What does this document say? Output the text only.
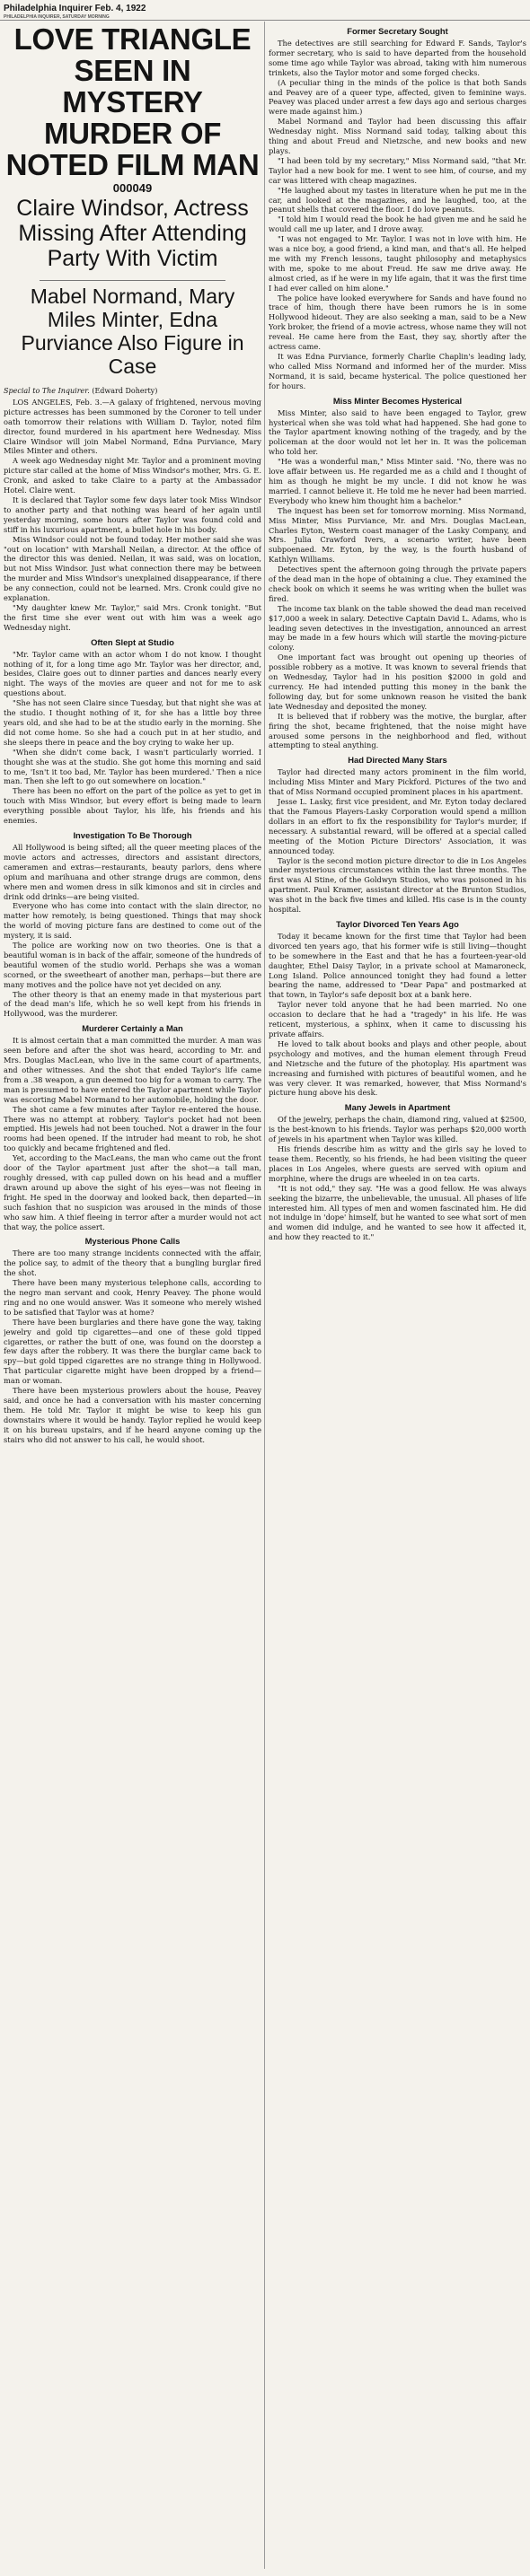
Philadelphia Inquirer Feb. 4, 1922
PHILADELPHIA INQUIRER, SATURDAY MORNING
LOVE TRIANGLE SEEN IN MYSTERY MURDER OF NOTED FILM MAN
000049
Claire Windsor, Actress Missing After Attending Party With Victim
Mabel Normand, Mary Miles Minter, Edna Purviance Also Figure in Case
Special to The Inquirer. (Edward Doherty)

LOS ANGELES, Feb. 3.—A galaxy of frightened, nervous moving picture actresses has been summoned by the Coroner to tell under oath tomorrow their relations with William D. Taylor, noted film director, found murdered in his apartment here Wednesday. Miss Claire Windsor will join Mabel Normand, Edna Purviance, Mary Miles Minter and others.

A week ago Wednesday night Mr. Taylor and a prominent moving picture star called at the home of Miss Windsor's mother, Mrs. G. E. Cronk, and asked to take Claire to a party at the Ambassador Hotel. Claire went.

It is declared that Taylor some few days later took Miss Windsor to another party and that nothing was heard of her again until yesterday morning, some hours after Taylor was found cold and stiff in his luxurious apartment, a bullet hole in his body.

Miss Windsor could not be found today. Her mother said she was "out on location" with Marshall Neilan, a director. At the office of the director this was denied. Neilan, it was said, was on location, but not Miss Windsor. Just what connection there may be between the murder and Miss Windsor's unexplained disappearance, if there be any connection, could not be learned. Mrs. Cronk could give no explanation.

"My daughter knew Mr. Taylor," said Mrs. Cronk tonight. "But the first time she ever went out with him was a week ago Wednesday night.

Often Slept at Studio

"Mr. Taylor came with an actor whom I do not know. I thought nothing of it, for a long time ago Mr. Taylor was her director, and, besides, Claire goes out to dinner parties and dances nearly every night. The ways of the movies are queer and not for me to ask questions about.

"She has not seen Claire since Tuesday, but that night she was at the studio. I thought nothing of it, for she has a little boy three years old, and she had to be at the studio early in the morning. She did not come home. So she had a couch put in at her studio, and she sleeps there in peace and the boy crying to wake her up.

"When she didn't come back, I wasn't particularly worried. I thought she was at the studio. She got home this morning and said to me, 'Isn't it too bad, Mr. Taylor has been murdered.' Then a nice man. Then she left to go out somewhere on location."

There has been no effort on the part of the police as yet to get in touch with Miss Windsor, but every effort is being made to learn everything possible about Taylor, his life, his friends and his enemies.

Investigation To Be Thorough

All Hollywood is being sifted; all the queer meeting places of the movie actors and actresses, directors and assistant directors, cameramen and extras—restaurants, beauty parlors, dens where opium and marihuana and other strange drugs are common, dens where men and women dress in silk kimonos and sit in circles and drink odd drinks—are being visited.

Everyone who has come into contact with the slain director, no matter how remotely, is being questioned. Things that may shock the world of moving picture fans are destined to come out of the mystery, it is said.

The police are working now on two theories. One is that a beautiful woman is in back of the affair, someone of the hundreds of beautiful women of the studio world. Perhaps she was a woman scorned, or the sweetheart of another man, perhaps—but there are many motives and the police have not yet decided on any.

The other theory is that an enemy made in that mysterious part of the dead man's life, which he so well kept from his friends in Hollywood, was the murderer.

Murderer Certainly a Man

It is almost certain that a man committed the murder. A man was seen before and after the shot was heard, according to Mr. and Mrs. Douglas MacLean, who live in the same court of apartments, and other witnesses. And the shot that ended Taylor's life came from a .38 weapon, a gun deemed too big for a woman to carry. The man is presumed to have entered the Taylor apartment while Taylor was escorting Mabel Normand to her automobile, holding the door.

The shot came a few minutes after Taylor re-entered the house. There was no attempt at robbery. Taylor's pocket had not been emptied. His jewels had not been touched. Not a drawer in the four rooms had been opened. If the intruder had meant to rob, he shot too quickly and became frightened and fled.

Yet, according to the MacLeans, the man who came out the front door of the Taylor apartment just after the shot—a tall man, roughly dressed, with cap pulled down on his head and a muffler drawn around up above the sight of his eyes—was not fleeing in fright. He sped in the doorway and looked back, then departed—in such fashion that no suspicion was aroused in the minds of those who saw him. A thief fleeing in terror after a murder would not act that way, the police assert.

Mysterious Phone Calls

There are too many strange incidents connected with the affair, the police say, to admit of the theory that a bungling burglar fired the shot.

There have been many mysterious telephone calls, according to the negro man servant and cook, Henry Peavey. The phone would ring and no one would answer. Was it someone who merely wished to be satisfied that Taylor was at home?

There have been burglaries and there have gone the way, taking jewelry and gold tip cigarettes—and one of these gold tipped cigarettes, or rather the butt of one, was found on the doorstep a few days after the robbery. It was there the burglar came back to spy—but gold tipped cigarettes are no strange thing in Hollywood. That particular cigarette might have been dropped by a friend—man or woman.

There have been mysterious prowlers about the house, Peavey said, and once he had a conversation with his master concerning them. He told Mr. Taylor it might be wise to keep his gun downstairs where it would be handy. Taylor replied he would keep it on his bureau upstairs, and if he heard anyone coming up the stairs who did not answer to his call, he would shoot.

Former Secretary Sought

The detectives are still searching for Edward F. Sands, Taylor's former secretary, who is said to have departed from the household some time ago while Taylor was abroad, taking with him numerous trinkets, also the Taylor motor and some forged checks.

(A peculiar thing in the minds of the police is that both Sands and Peavey are of a queer type, affected, given to feminine ways. Peavey was placed under arrest a few days ago and serious charges were made against him.)

Mabel Normand and Taylor had been discussing this affair Wednesday night. Miss Normand said today, talking about this thing and about Freud and Nietzsche, and new books and new plays.

"I had been told by my secretary," Miss Normand said, "that Mr. Taylor had a new book for me. I went to see him, of course, and my car was littered with cheap magazines.

"He laughed about my tastes in literature when he put me in the car, and looked at the magazines, and he laughed, too, at the peanut shells that covered the floor. I do love peanuts.

"I told him I would read the book he had given me and he said he would call me up later, and I drove away.

"I was not engaged to Mr. Taylor. I was not in love with him. He was a nice boy, a good friend, a kind man, and that's all. He helped me with my French lessons, taught philosophy and metaphysics with me, spoke to me about Freud. He saw me drive away. He almost cried, as if he were in my life again, that it was the first time I had ever called on him alone."

The police have looked everywhere for Sands and have found no trace of him, though there have been rumors he is in some Hollywood hideout. They are also seeking a man, said to be a New York broker, the friend of a movie actress, whose name they will not reveal. He came here from the East, they say, shortly after the actress came.

It was Edna Purviance, formerly Charlie Chaplin's leading lady, who called Miss Normand and informed her of the murder. Miss Normand, it is said, became hysterical. The police questioned her for hours.

Miss Minter Becomes Hysterical

Miss Minter, also said to have been engaged to Taylor, grew hysterical when she was told what had happened. She had gone to the Taylor apartment knowing nothing of the tragedy, and by the policeman at the door would not let her in. It was the policeman who told her.

"He was a wonderful man," Miss Minter said. "No, there was no love affair between us. He regarded me as a child and I thought of him as though he might be my uncle. I did not know he was married. I cannot believe it. He told me he never had been married. Everybody who knew him thought him a bachelor."

The inquest has been set for tomorrow morning. Miss Normand, Miss Minter, Miss Purviance, Mr. and Mrs. Douglas MacLean, Charles Eyton, Western coast manager of the Lasky Company, and Mrs. Julia Crawford Ivers, a scenario writer, have been subpoenaed. Mr. Eyton, by the way, is the fourth husband of Kathlyn Williams.

Detectives spent the afternoon going through the private papers of the dead man in the hope of obtaining a clue. They examined the check book on which it seems he was writing when the bullet was fired.

The income tax blank on the table showed the dead man received $17,000 a week in salary. Detective Captain David L. Adams, who is leading seven detectives in the investigation, announced an arrest may be made in a few hours which will startle the moving-picture colony.

One important fact was brought out opening up theories of possible robbery as a motive. It was known to several friends that on Wednesday, Taylor had in his position $2000 in gold and currency. He had intended putting this money in the bank the following day, but for some unknown reason he visited the bank late Wednesday and deposited the money.

It is believed that if robbery was the motive, the burglar, after firing the shot, became frightened, that the noise might have aroused some persons in the neighborhood and fled, without attempting to steal anything.

Had Directed Many Stars

Taylor had directed many actors prominent in the film world, including Miss Minter and Mary Pickford. Pictures of the two and that of Miss Normand occupied prominent places in his apartment.

Jesse L. Lasky, first vice president, and Mr. Eyton today declared that the Famous Players-Lasky Corporation would spend a million dollars in an effort to fix the responsibility for Taylor's murder, if necessary. A substantial reward, will be offered at a special called meeting of the Motion Picture Directors' Association, it was announced today.

Taylor is the second motion picture director to die in Los Angeles under mysterious circumstances within the last three months. The first was Al Stine, of the Goldwyn Studios, who was poisoned in his apartment. Paul Kramer, assistant director at the Brunton Studios, was shot in the back five times and killed. His case is in the county hospital.

Taylor Divorced Ten Years Ago

Today it became known for the first time that Taylor had been divorced ten years ago, that his former wife is still living—thought to be somewhere in the East and that he has a fourteen-year-old daughter, Ethel Daisy Taylor, in a private school at Mamaroneck, Long Island. Police announced tonight they had found a letter bearing the name, addressed to "Dear Papa" and postmarked at that town, in Taylor's safe deposit box at a bank here.

Taylor never told anyone that he had been married. No one occasion to declare that he had a "tragedy" in his life. He was reticent, mysterious, a sphinx, when it came to discussing his private affairs.

He loved to talk about books and plays and other people, about psychology and motives, and the human element through Freud and Nietzsche and the future of the photoplay. His apartment was increasing and furnished with pictures of beautiful women, and he was very clever. It was remarked, however, that Miss Normand's picture hung above his desk.

Many Jewels in Apartment

Of the jewelry, perhaps the chain, diamond ring, valued at $2500, is the best-known to his friends. Taylor was perhaps $20,000 worth of jewels in his apartment when Taylor was killed.

His friends describe him as witty and the girls say he loved to tease them. Recently, so his friends, he had been visiting the queer places in Los Angeles, where guests are served with opium and morphine, where the drugs are wheeled in on tea carts.

"It is not odd," they say. "He was a good fellow. He was always seeking the bizarre, the unbelievable, the unusual. All phases of life interested him. All types of men and women fascinated him. He did not indulge in 'dope' himself, but he wanted to see what sort of men and women did indulge, and he wanted to see how it affected it, and how they reacted to it."
